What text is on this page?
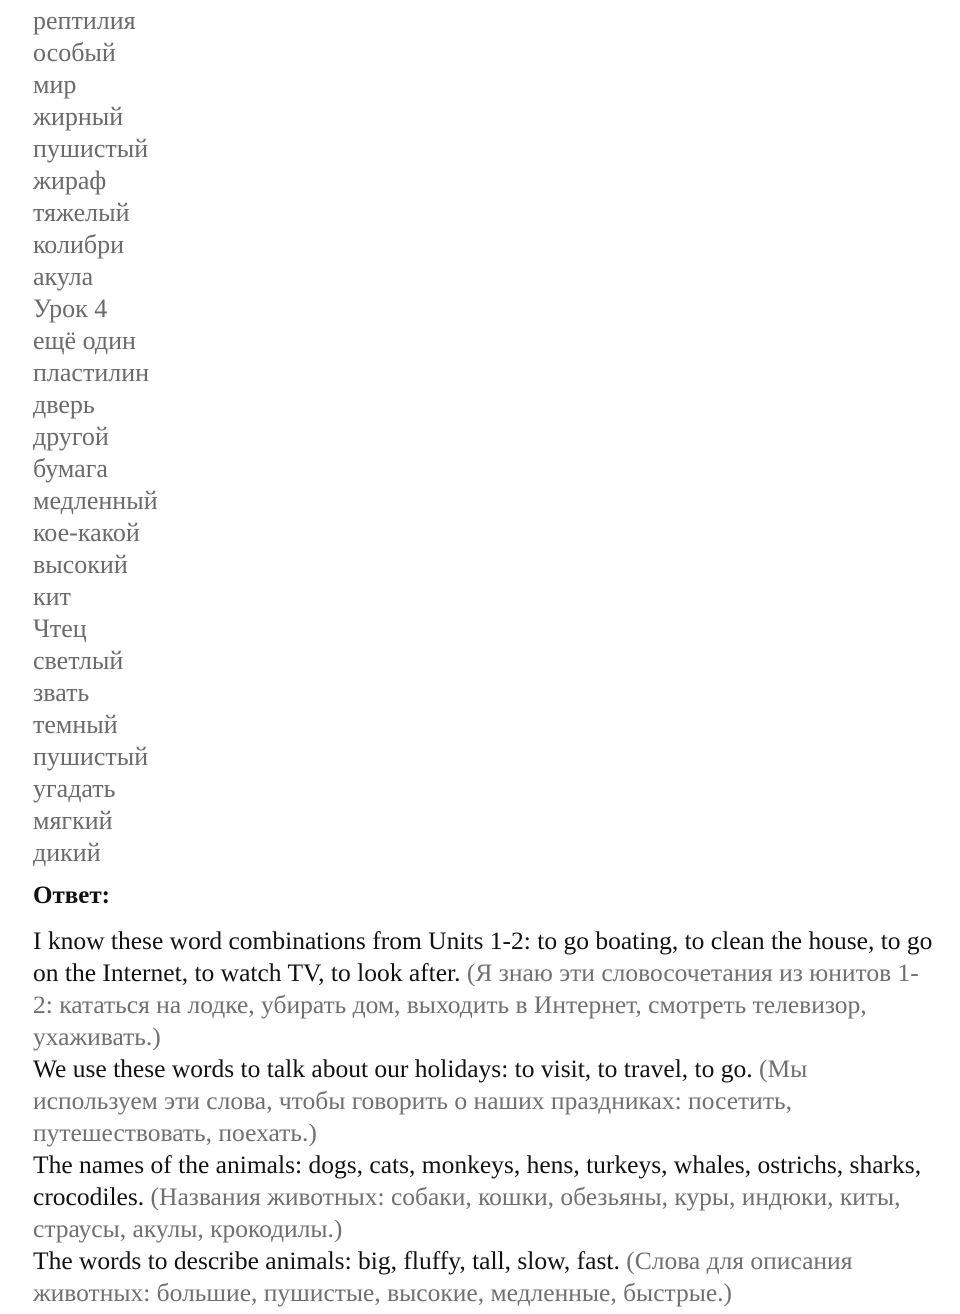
рептилия
особый
мир
жирный
пушистый
жираф
тяжелый
колибри
акула
Урок 4
ещё один
пластилин
дверь
другой
бумага
медленный
кое-какой
высокий
кит
Чтец
светлый
звать
темный
пушистый
угадать
мягкий
дикий
Ответ:

I know these word combinations from Units 1-2: to go boating, to clean the house, to go on the Internet, to watch TV, to look after. (Я знаю эти словосочетания из юнитов 1-2: кататься на лодке, убирать дом, выходить в Интернет, смотреть телевизор, ухаживать.)

We use these words to talk about our holidays: to visit, to travel, to go. (Мы используем эти слова, чтобы говорить о наших праздниках: посетить, путешествовать, поехать.)

The names of the animals: dogs, cats, monkeys, hens, turkeys, whales, ostrichs, sharks, crocodiles. (Названия животных: собаки, кошки, обезьяны, куры, индюки, киты, страусы, акулы, крокодилы.)

The words to describe animals: big, fluffy, tall, slow, fast. (Слова для описания животных: большие, пушистые, высокие, медленные, быстрые.)
